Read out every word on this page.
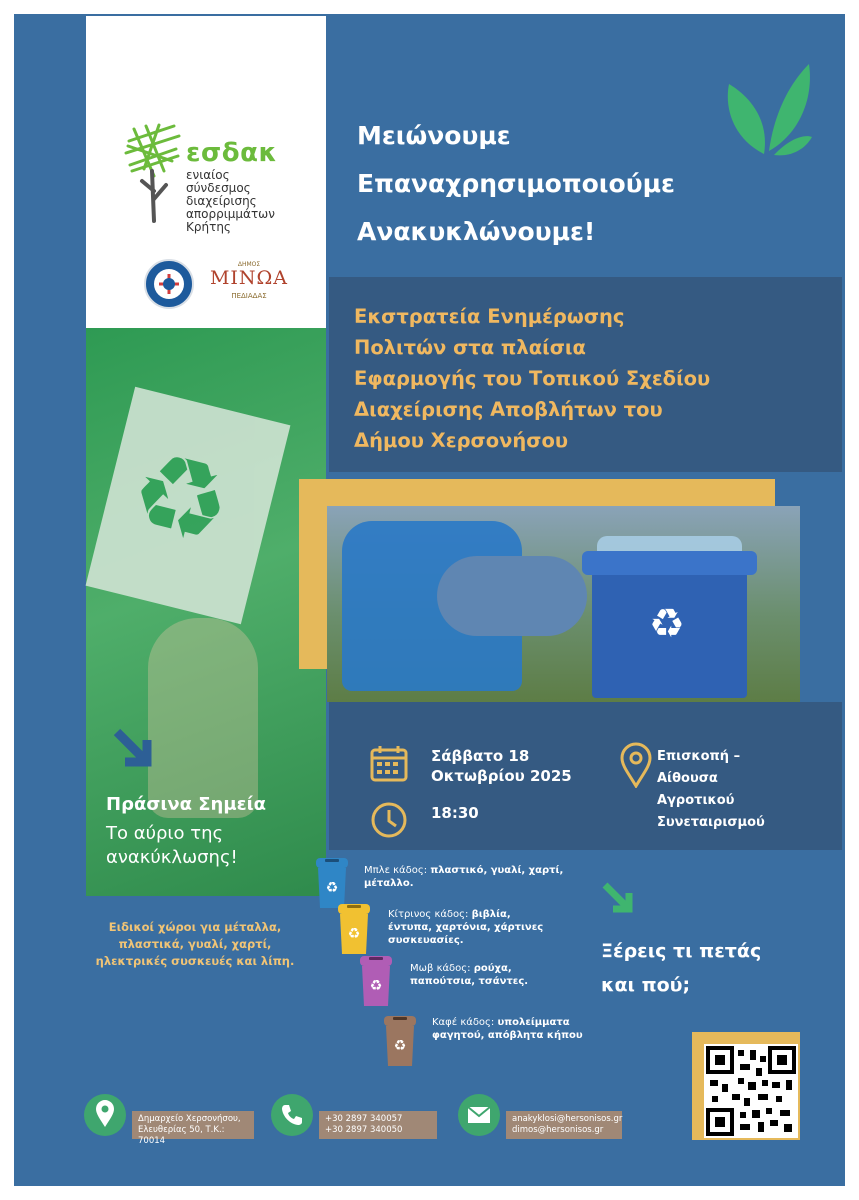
εσδακ
ενιαίος
σύνδεσμος
διαχείρισης
απορριμμάτων
Κρήτης
ΔΗΜΟΣ
ΜΙΝΩΑ
ΠΕΔΙΑΔΑΣ
♻
Πράσινα Σημεία
Το αύριο της ανακύκλωσης!
Ειδικοί χώροι για μέταλλα, πλαστικά, γυαλί, χαρτί, ηλεκτρικές συσκευές και λίπη.
Μειώνουμε
Επαναχρησιμοποιούμε
Ανακυκλώνουμε!
Εκστρατεία Ενημέρωσης
Πολιτών στα πλαίσια
Εφαρμογής του Τοπικού Σχεδίου
Διαχείρισης Αποβλήτων του
Δήμου Χερσονήσου
♻
Σάββατο 18
Οκτωβρίου 2025
18:30
Επισκοπή –
Αίθουσα
Αγροτικού
Συνεταιρισμού
♻
Μπλε κάδος: πλαστικό, γυαλί, χαρτί, μέταλλο.
♻
Κίτρινος κάδος: βιβλία, έντυπα, χαρτόνια, χάρτινες συσκευασίες.
♻
Μωβ κάδος: ρούχα, παπούτσια, τσάντες.
♻
Καφέ κάδος: υπολείμματα φαγητού, απόβλητα κήπου
Ξέρεις τι πετάς
και πού;
Δημαρχείο Χερσονήσου,
Ελευθερίας 50, Τ.Κ.: 70014
+30 2897 340057
+30 2897 340050
anakyklosi@hersonisos.gr
dimos@hersonisos.gr
